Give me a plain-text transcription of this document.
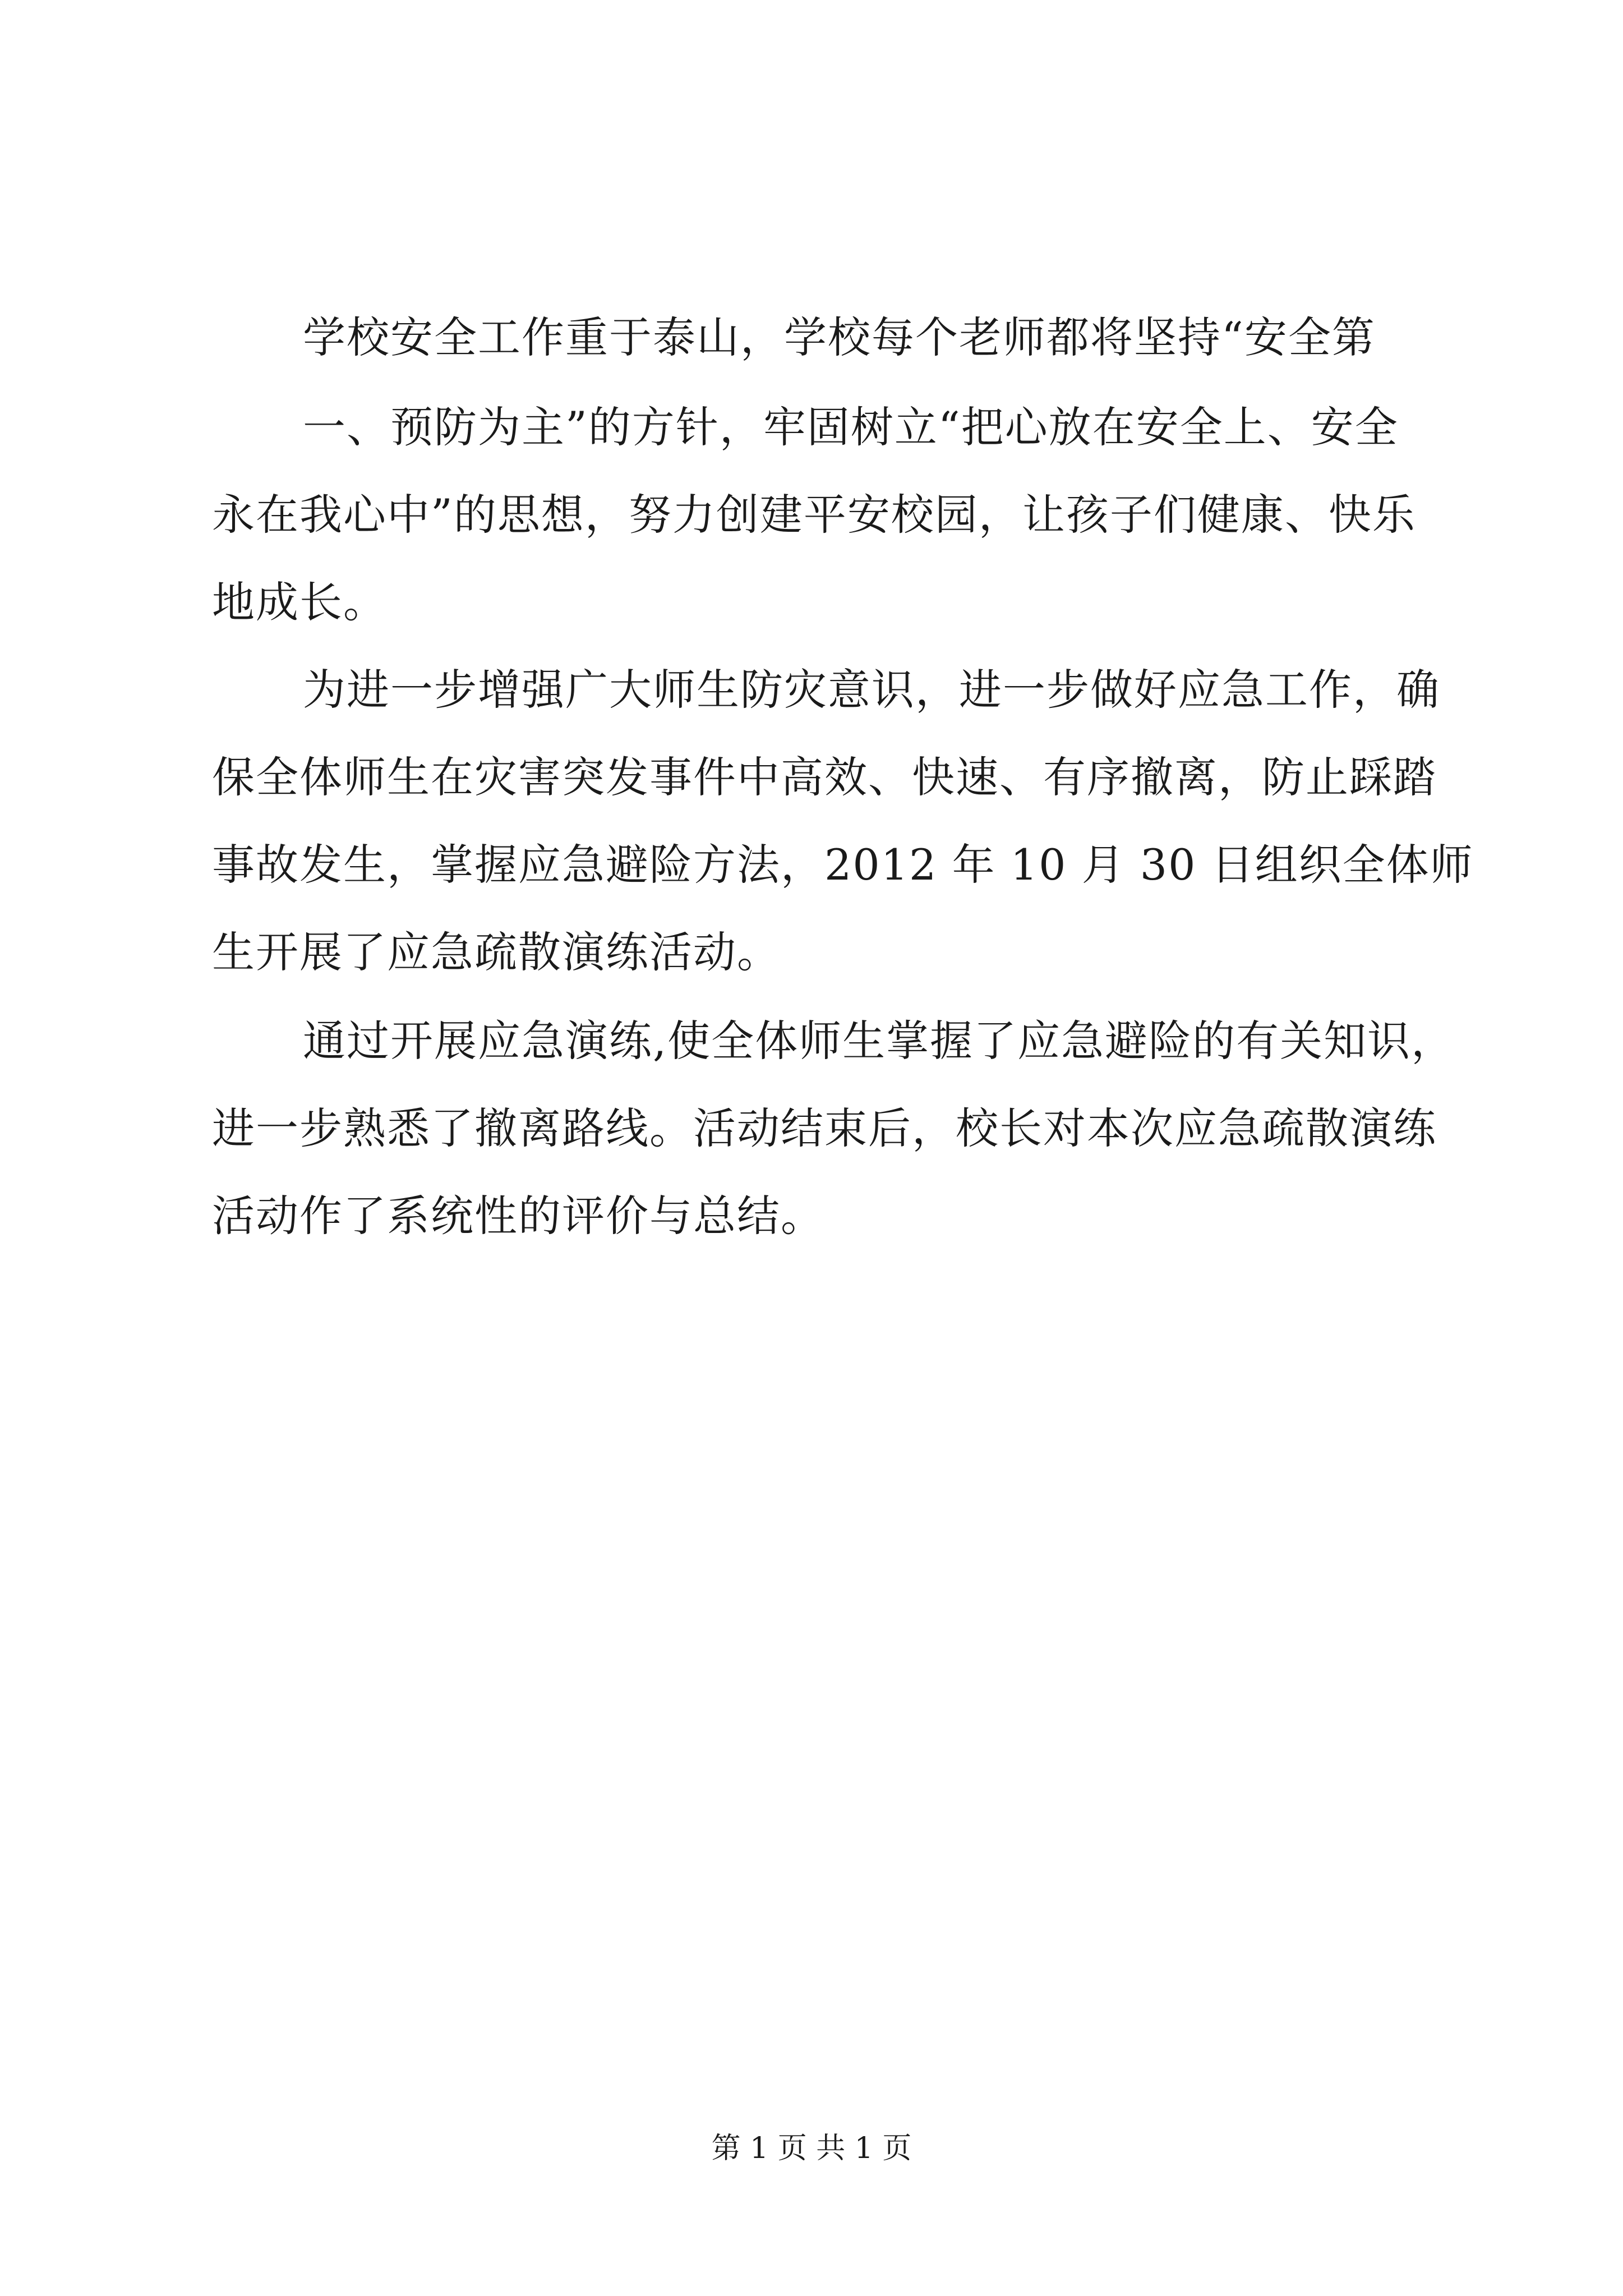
学校安全工作重于泰山，学校每个老师都将坚持“安全第
一、预防为主”的方针，牢固树立“把心放在安全上、安全
永在我心中”的思想，努力创建平安校园，让孩子们健康、快乐
地成长。
为进一步增强广大师生防灾意识，进一步做好应急工作，确
保全体师生在灾害突发事件中高效、快速、有序撤离，防止踩踏
事故发生，掌握应急避险方法，2012 年 10 月 30 日组织全体师
生开展了应急疏散演练活动。
通过开展应急演练,使全体师生掌握了应急避险的有关知识，
进一步熟悉了撤离路线。活动结束后，校长对本次应急疏散演练
活动作了系统性的评价与总结。
第 1 页 共 1 页
